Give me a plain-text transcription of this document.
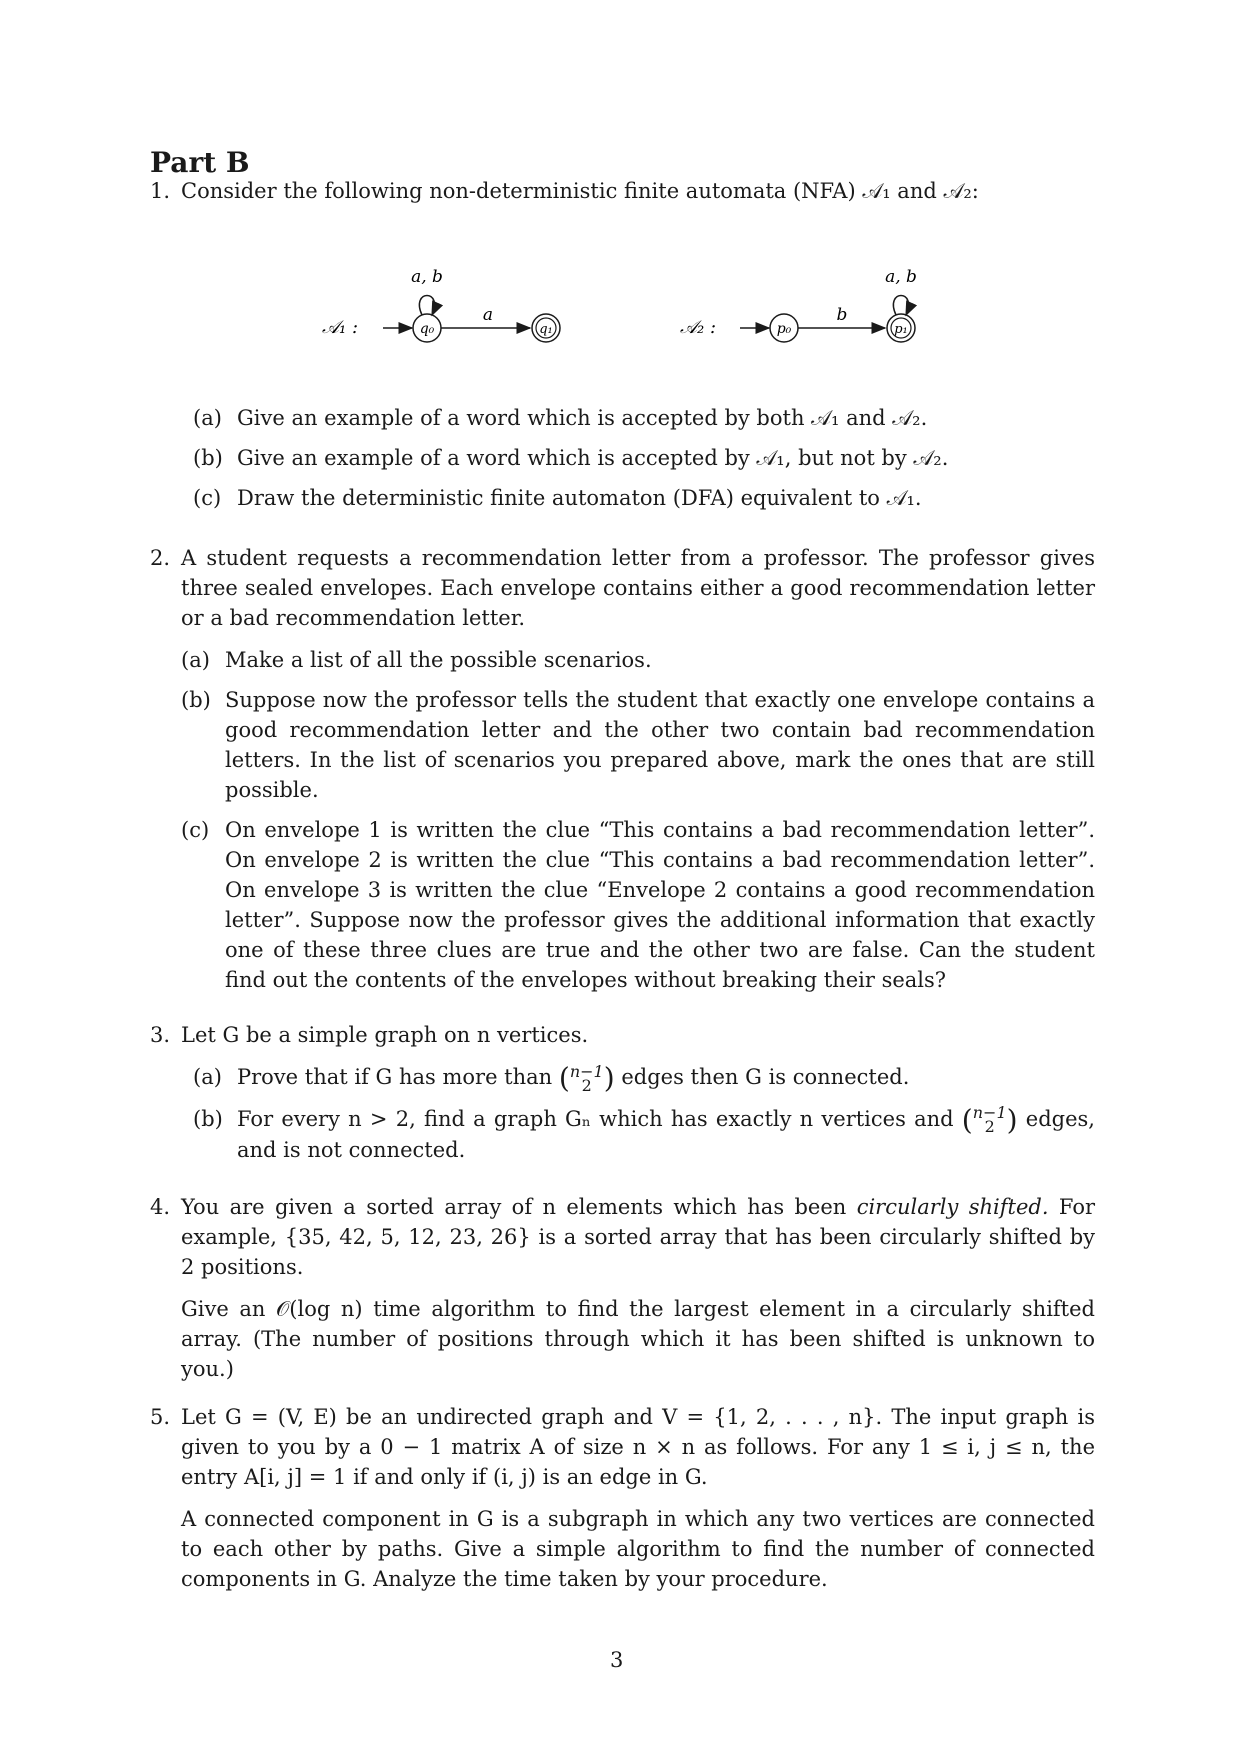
Part B
1. Consider the following non-deterministic finite automata (NFA) 𝒜₁ and 𝒜₂:
𝒜₁ :	q₀
a, b
a
q₁	𝒜₂ :	p₀
b
p₁
a, b
(a) Give an example of a word which is accepted by both 𝒜₁ and 𝒜₂.
(b) Give an example of a word which is accepted by 𝒜₁, but not by 𝒜₂.
(c) Draw the deterministic finite automaton (DFA) equivalent to 𝒜₁.
2. A student requests a recommendation letter from a professor. The professor gives three sealed envelopes. Each envelope contains either a good recommendation letter or a bad recommendation letter.
(a) Make a list of all the possible scenarios.
(b) Suppose now the professor tells the student that exactly one envelope contains a good recommendation letter and the other two contain bad recommendation letters. In the list of scenarios you prepared above, mark the ones that are still possible.
(c) On envelope 1 is written the clue “This contains a bad recommendation letter”. On envelope 2 is written the clue “This contains a bad recommendation letter”. On envelope 3 is written the clue “Envelope 2 contains a good recommendation letter”. Suppose now the professor gives the additional information that exactly one of these three clues are true and the other two are false. Can the student find out the contents of the envelopes without breaking their seals?
3. Let G be a simple graph on n vertices.
(a) Prove that if G has more than ( n−1
2 ) edges then G is connected.
(b) For every n > 2, find a graph Gₙ which has exactly n vertices and ( n−1
2 ) edges, and is not connected.
4. You are given a sorted array of n elements which has been circularly shifted. For example, {35, 42, 5, 12, 23, 26} is a sorted array that has been circularly shifted by 2 positions.
Give an 𝒪(log n) time algorithm to find the largest element in a circularly shifted array. (The number of positions through which it has been shifted is unknown to you.)
5. Let G = (V, E) be an undirected graph and V = {1, 2, . . . , n}. The input graph is given to you by a 0 − 1 matrix A of size n × n as follows. For any 1 ≤ i, j ≤ n, the entry A[i, j] = 1 if and only if (i, j) is an edge in G.
A connected component in G is a subgraph in which any two vertices are connected to each other by paths. Give a simple algorithm to find the number of connected components in G. Analyze the time taken by your procedure.
3
